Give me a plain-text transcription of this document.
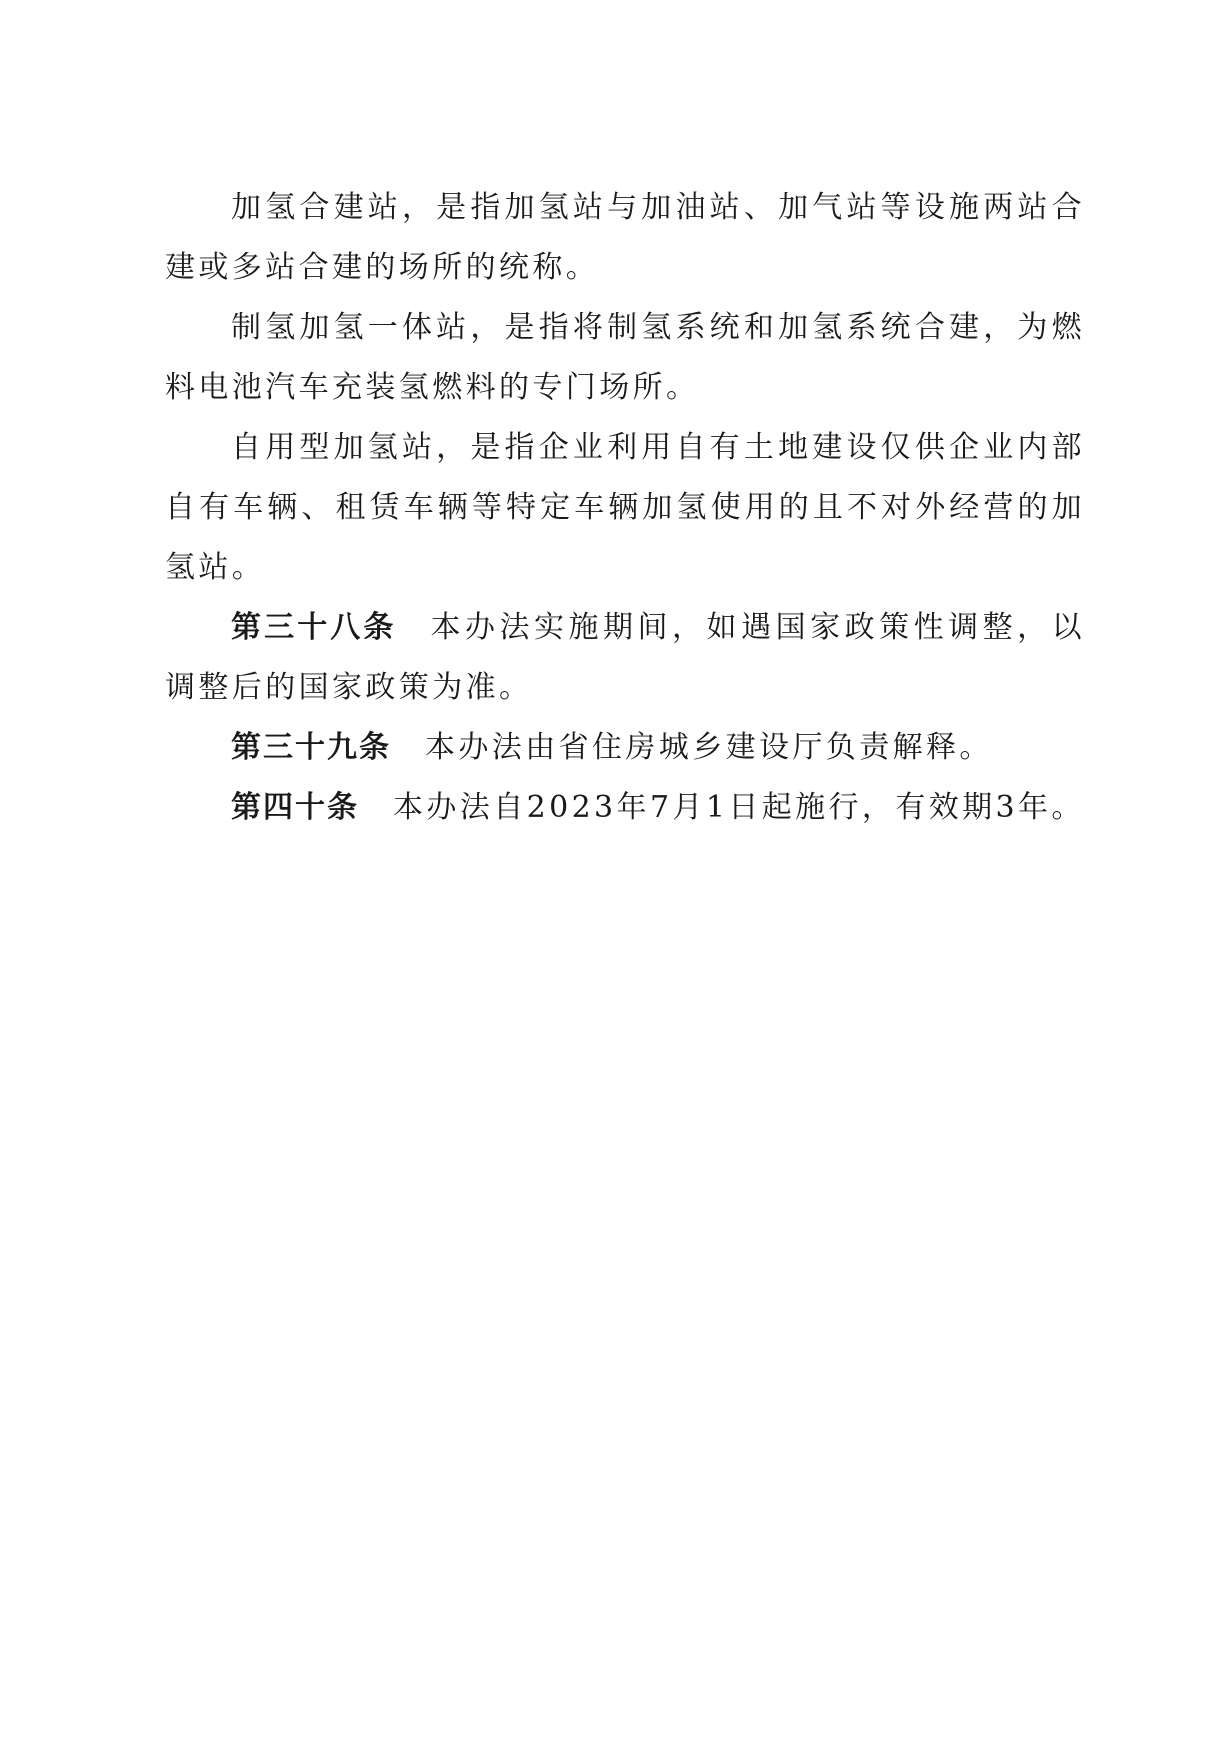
加氢合建站，是指加氢站与加油站、加气站等设施两站合建或多站合建的场所的统称。

制氢加氢一体站，是指将制氢系统和加氢系统合建，为燃料电池汽车充装氢燃料的专门场所。

自用型加氢站，是指企业利用自有土地建设仅供企业内部自有车辆、租赁车辆等特定车辆加氢使用的且不对外经营的加氢站。

第三十八条 本办法实施期间，如遇国家政策性调整，以调整后的国家政策为准。

第三十九条 本办法由省住房城乡建设厅负责解释。

第四十条 本办法自2023年7月1日起施行，有效期3年。
